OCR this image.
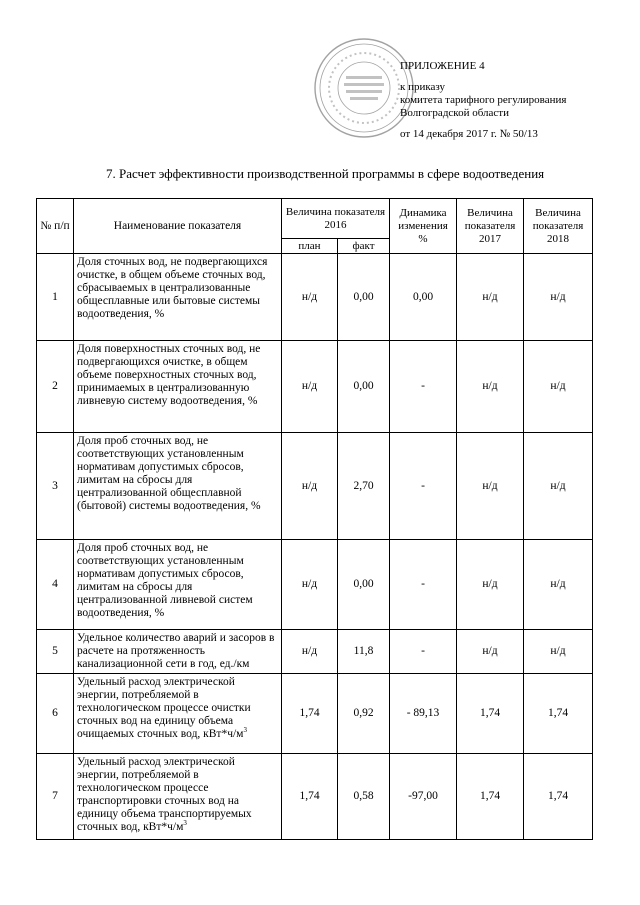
ПРИЛОЖЕНИЕ 4
к приказу
комитета тарифного регулирования
Волгоградской области
от 14 декабря 2017 г. № 50/13
7. Расчет эффективности производственной программы в сфере водоотведения
№ п/п	Наименование показателя	Величина показателя 2016		Динамика изменения %	Величина показателя 2017	Величина показателя 2018
		план	факт			
1	Доля сточных вод, не подвергающихся очистке, в общем объеме сточных вод, сбрасываемых в централизованные общесплавные или бытовые системы водоотведения, %	н/д	0,00	0,00	н/д	н/д
2	Доля поверхностных сточных вод, не подвергающихся очистке, в общем объеме поверхностных сточных вод, принимаемых в централизованную ливневую систему водоотведения, %	н/д	0,00	-	н/д	н/д
3	Доля проб сточных вод, не соответствующих установленным нормативам допустимых сбросов, лимитам на сбросы для централизованной общесплавной (бытовой) системы водоотведения, %	н/д	2,70	-	н/д	н/д
4	Доля проб сточных вод, не соответствующих установленным нормативам допустимых сбросов, лимитам на сбросы для централизованной ливневой систем водоотведения, %	н/д	0,00	-	н/д	н/д
5	Удельное количество аварий и засоров в расчете на протяженность канализационной сети в год, ед./км	н/д	11,8	-	н/д	н/д
6	Удельный расход электрической энергии, потребляемой в технологическом процессе очистки сточных вод на единицу объема очищаемых сточных вод, $кВт*ч/м^3$	1,74	0,92	- 89,13	1,74	1,74
7	Удельный расход электрической энергии, потребляемой в технологическом процессе транспортировки сточных вод на единицу объема транспортируемых сточных вод, $кВт*ч/м^3$	1,74	0,58	-97,00	1,74	1,74
